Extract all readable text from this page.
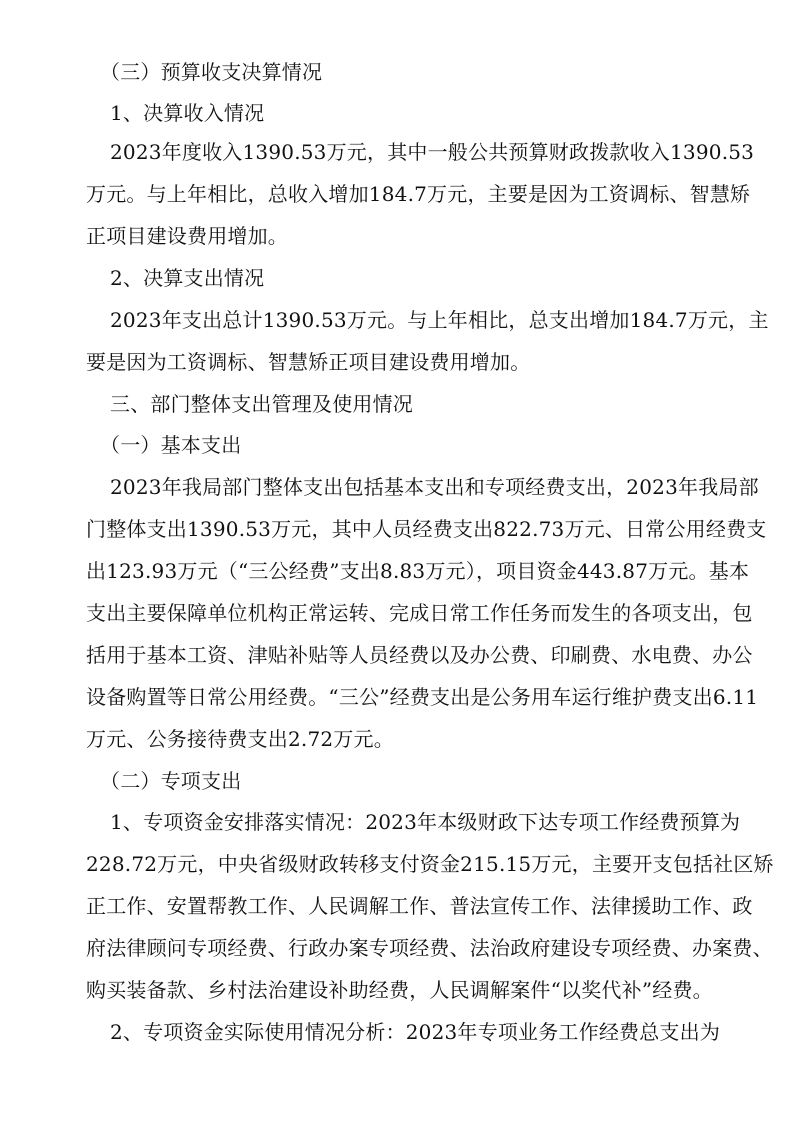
（三）预算收支决算情况
1、决算收入情况
2023年度收入1390.53万元，其中一般公共预算财政拨款收入1390.53
万元。与上年相比，总收入增加184.7万元，主要是因为工资调标、智慧矫
正项目建设费用增加。
2、决算支出情况
2023年支出总计1390.53万元。与上年相比，总支出增加184.7万元，主
要是因为工资调标、智慧矫正项目建设费用增加。
三、部门整体支出管理及使用情况
（一）基本支出
2023年我局部门整体支出包括基本支出和专项经费支出，2023年我局部
门整体支出1390.53万元，其中人员经费支出822.73万元、日常公用经费支
出123.93万元（“三公经费”支出8.83万元），项目资金443.87万元。基本
支出主要保障单位机构正常运转、完成日常工作任务而发生的各项支出，包
括用于基本工资、津贴补贴等人员经费以及办公费、印刷费、水电费、办公
设备购置等日常公用经费。“三公”经费支出是公务用车运行维护费支出6.11
万元、公务接待费支出2.72万元。
（二）专项支出
1、专项资金安排落实情况：2023年本级财政下达专项工作经费预算为
228.72万元，中央省级财政转移支付资金215.15万元，主要开支包括社区矫
正工作、安置帮教工作、人民调解工作、普法宣传工作、法律援助工作、政
府法律顾问专项经费、行政办案专项经费、法治政府建设专项经费、办案费、
购买装备款、乡村法治建设补助经费，人民调解案件“以奖代补”经费。
2、专项资金实际使用情况分析：2023年专项业务工作经费总支出为
